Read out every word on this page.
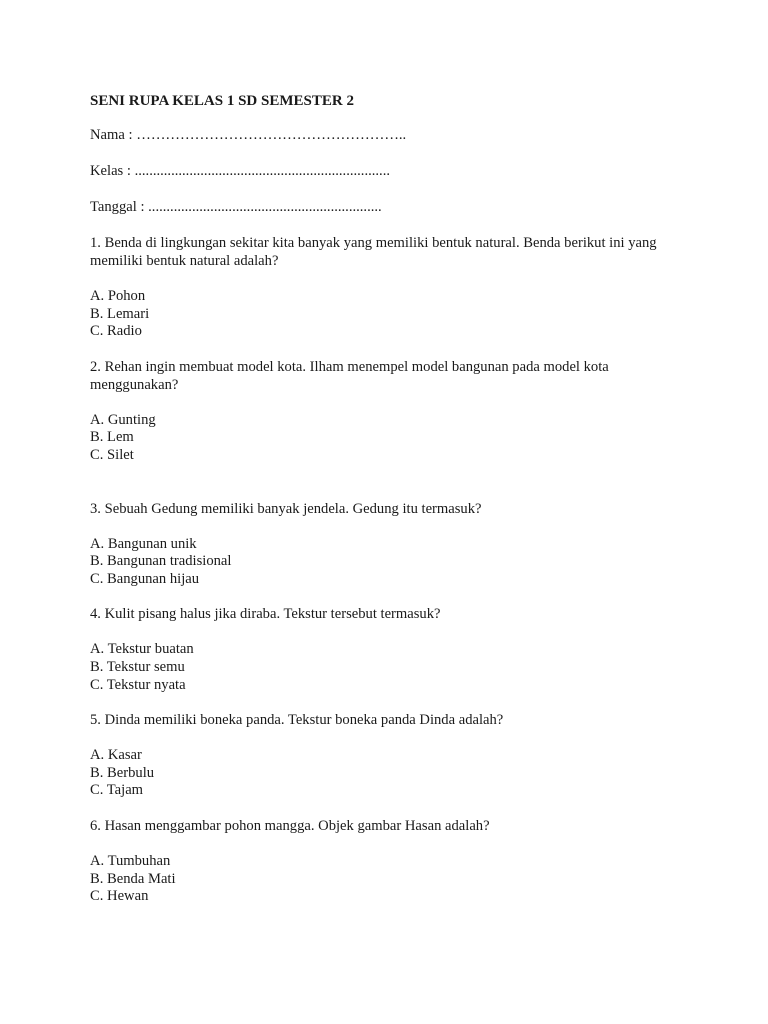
SENI RUPA KELAS 1 SD SEMESTER 2
Nama : ………………………………………………..
Kelas : ......................................................................
Tanggal : ................................................................
1. Benda di lingkungan sekitar kita banyak yang memiliki bentuk natural. Benda berikut ini yang memiliki bentuk natural adalah?
A. Pohon
B. Lemari
C. Radio
2. Rehan ingin membuat model kota. Ilham menempel model bangunan pada model kota menggunakan?
A. Gunting
B. Lem
C. Silet
3. Sebuah Gedung memiliki banyak jendela. Gedung itu termasuk?
A. Bangunan unik
B. Bangunan tradisional
C. Bangunan hijau
4. Kulit pisang halus jika diraba. Tekstur tersebut termasuk?
A. Tekstur buatan
B. Tekstur semu
C. Tekstur nyata
5. Dinda memiliki boneka panda. Tekstur boneka panda Dinda adalah?
A. Kasar
B. Berbulu
C. Tajam
6. Hasan menggambar pohon mangga. Objek gambar Hasan adalah?
A. Tumbuhan
B. Benda Mati
C. Hewan
